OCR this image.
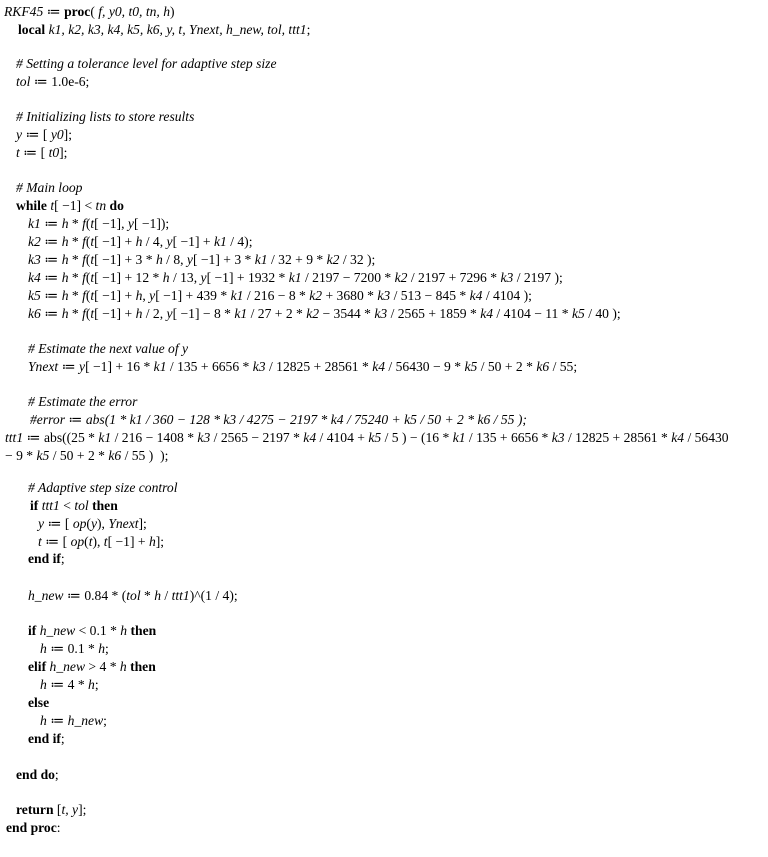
RKF45 ≔ proc( f, y0, t0, tn, h)
local k1, k2, k3, k4, k5, k6, y, t, Ynext, h_new, tol, ttt1;
# Setting a tolerance level for adaptive step size
tol ≔ 1.0e-6;
# Initializing lists to store results
y ≔ [ y0];
t ≔ [ t0];
# Main loop
while t[ −1] < tn do
k1 ≔ h * f(t[ −1], y[ −1]);
k2 ≔ h * f(t[ −1] + h / 4, y[ −1] + k1 / 4);
k3 ≔ h * f(t[ −1] + 3 * h / 8, y[ −1] + 3 * k1 / 32 + 9 * k2 / 32 );
k4 ≔ h * f(t[ −1] + 12 * h / 13, y[ −1] + 1932 * k1 / 2197 − 7200 * k2 / 2197 + 7296 * k3 / 2197 );
k5 ≔ h * f(t[ −1] + h, y[ −1] + 439 * k1 / 216 − 8 * k2 + 3680 * k3 / 513 − 845 * k4 / 4104 );
k6 ≔ h * f(t[ −1] + h / 2, y[ −1] − 8 * k1 / 27 + 2 * k2 − 3544 * k3 / 2565 + 1859 * k4 / 4104 − 11 * k5 / 40 );
# Estimate the next value of y
Ynext ≔ y[ −1] + 16 * k1 / 135 + 6656 * k3 / 12825 + 28561 * k4 / 56430 − 9 * k5 / 50 + 2 * k6 / 55;
# Estimate the error
#error ≔ abs(1 * k1 / 360 − 128 * k3 / 4275 − 2197 * k4 / 75240 + k5 / 50 + 2 * k6 / 55 );
ttt1 ≔ abs((25 * k1 / 216 − 1408 * k3 / 2565 − 2197 * k4 / 4104 + k5 / 5 ) − (16 * k1 / 135 + 6656 * k3 / 12825 + 28561 * k4 / 56430
− 9 * k5 / 50 + 2 * k6 / 55 )  );
# Adaptive step size control
if ttt1 < tol then
y ≔ [ op(y), Ynext];
t ≔ [ op(t), t[ −1] + h];
end if;
h_new ≔ 0.84 * (tol * h / ttt1)^(1 / 4);
if h_new < 0.1 * h then
h ≔ 0.1 * h;
elif h_new > 4 * h then
h ≔ 4 * h;
else
h ≔ h_new;
end if;
end do;
return [t, y];
end proc:
